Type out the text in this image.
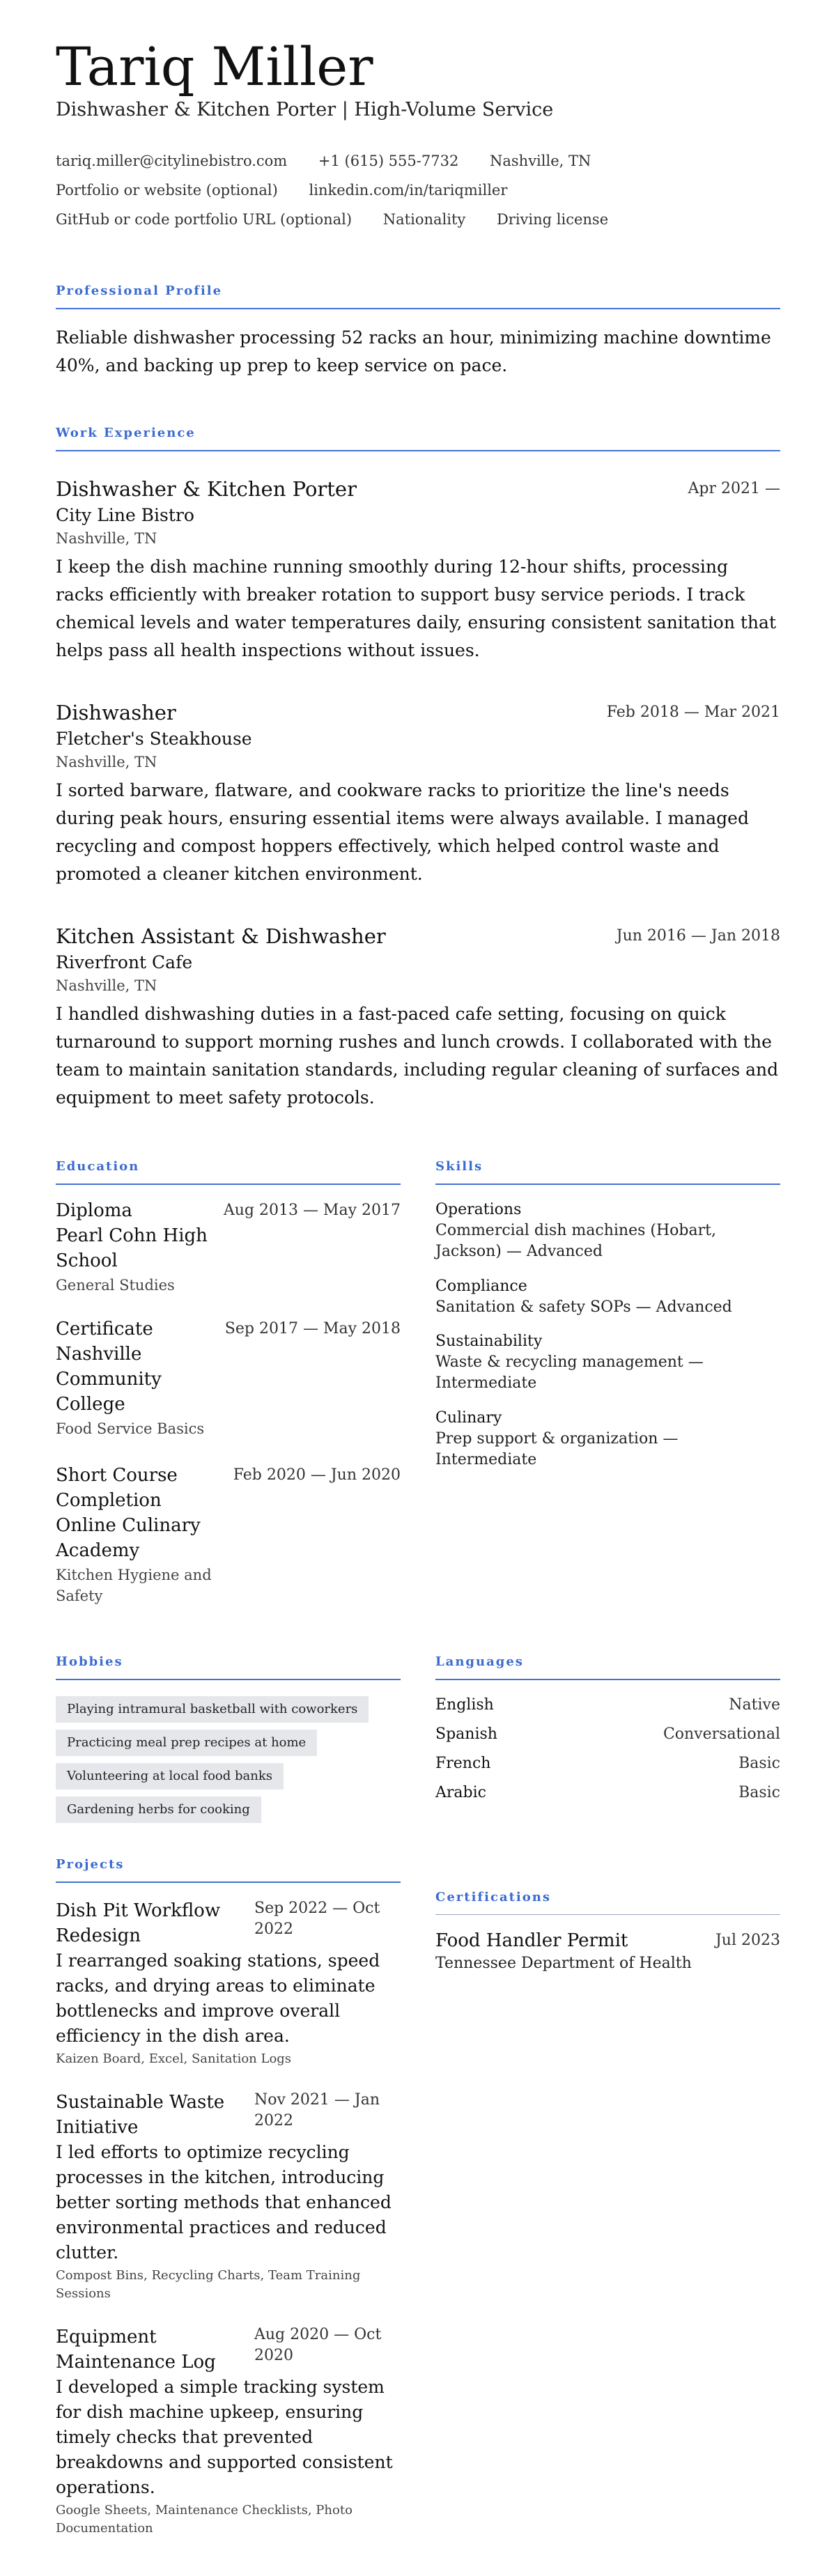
Tariq Miller
Dishwasher & Kitchen Porter | High-Volume Service
tariq.miller@citylinebistro.com +1 (615) 555-7732 Nashville, TN
Portfolio or website (optional) linkedin.com/in/tariqmiller
GitHub or code portfolio URL (optional) Nationality Driving license
Professional Profile
Reliable dishwasher processing 52 racks an hour, minimizing machine downtime 40%, and backing up prep to keep service on pace.
Work Experience
Dishwasher & Kitchen Porter	Apr 2021 —
City Line Bistro
Nashville, TN
I keep the dish machine running smoothly during 12-hour shifts, processing racks efficiently with breaker rotation to support busy service periods. I track chemical levels and water temperatures daily, ensuring consistent sanitation that helps pass all health inspections without issues.
Dishwasher	Feb 2018 — Mar 2021
Fletcher's Steakhouse
Nashville, TN
I sorted barware, flatware, and cookware racks to prioritize the line's needs during peak hours, ensuring essential items were always available. I managed recycling and compost hoppers effectively, which helped control waste and promoted a cleaner kitchen environment.
Kitchen Assistant & Dishwasher	Jun 2016 — Jan 2018
Riverfront Cafe
Nashville, TN
I handled dishwashing duties in a fast-paced cafe setting, focusing on quick turnaround to support morning rushes and lunch crowds. I collaborated with the team to maintain sanitation standards, including regular cleaning of surfaces and equipment to meet safety protocols.
Education
Diploma
Pearl Cohn High School
Aug 2013 — May 2017
General Studies
Certificate
Nashville Community College
Sep 2017 — May 2018
Food Service Basics
Short Course Completion
Online Culinary Academy
Feb 2020 — Jun 2020
Kitchen Hygiene and Safety
Skills
Operations
Commercial dish machines (Hobart, Jackson) — Advanced
Compliance
Sanitation & safety SOPs — Advanced
Sustainability
Waste & recycling management — Intermediate
Culinary
Prep support & organization — Intermediate
Hobbies
Playing intramural basketball with coworkers
Practicing meal prep recipes at home
Volunteering at local food banks
Gardening herbs for cooking
Languages
English	Native
Spanish	Conversational
French	Basic
Arabic	Basic
Projects
Dish Pit Workflow Redesign
Sep 2022 — Oct 2022
I rearranged soaking stations, speed racks, and drying areas to eliminate bottlenecks and improve overall efficiency in the dish area.
Kaizen Board, Excel, Sanitation Logs
Sustainable Waste Initiative
Nov 2021 — Jan 2022
I led efforts to optimize recycling processes in the kitchen, introducing better sorting methods that enhanced environmental practices and reduced clutter.
Compost Bins, Recycling Charts, Team Training Sessions
Equipment Maintenance Log
Aug 2020 — Oct 2020
I developed a simple tracking system for dish machine upkeep, ensuring timely checks that prevented breakdowns and supported consistent operations.
Google Sheets, Maintenance Checklists, Photo Documentation
Certifications
Food Handler Permit	Jul 2023
Tennessee Department of Health
